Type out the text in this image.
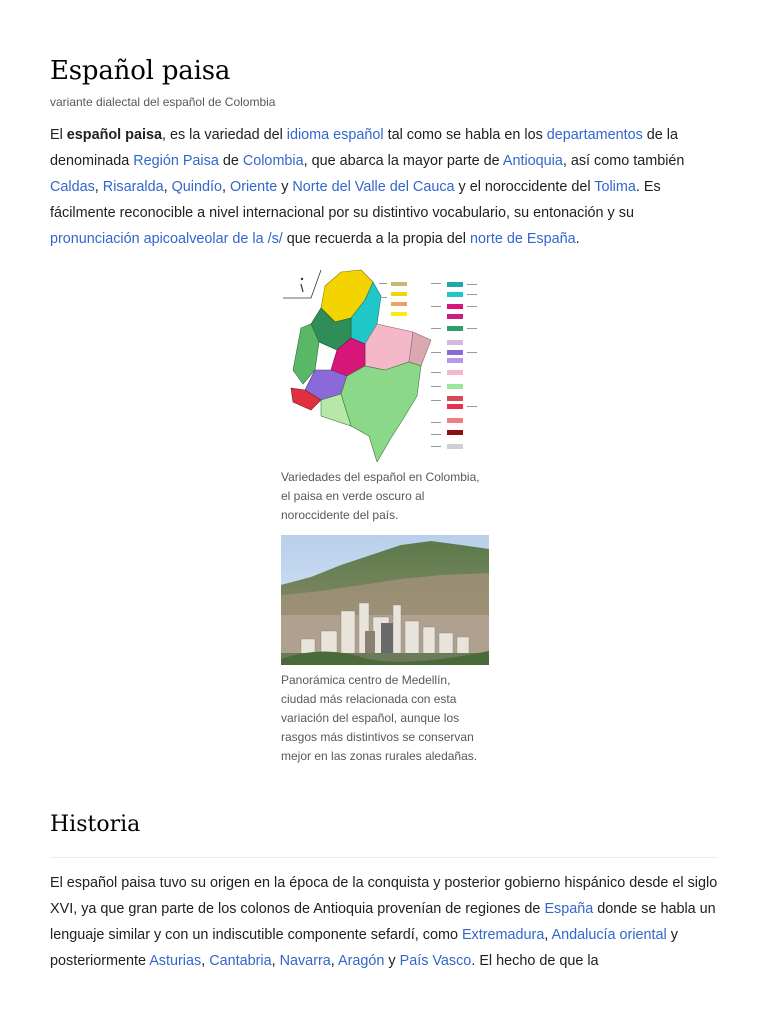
Español paisa
variante dialectal del español de Colombia

El español paisa, es la variedad del idioma español tal como se habla en los departamentos de la denominada Región Paisa de Colombia, que abarca la mayor parte de Antioquia, así como también Caldas, Risaralda, Quindío, Oriente y Norte del Valle del Cauca y el noroccidente del Tolima. Es fácilmente reconocible a nivel internacional por su distintivo vocabulario, su entonación y su pronunciación apicoalveolar de la /s/ que recuerda a la propia del norte de España.

Variedades del español en Colombia, el paisa en verde oscuro al noroccidente del país.
Panorámica centro de Medellín, ciudad más relacionada con esta variación del español, aunque los rasgos más distintivos se conservan mejor en las zonas rurales aledañas.
Historia

El español paisa tuvo su origen en la época de la conquista y posterior gobierno hispánico desde el siglo XVI, ya que gran parte de los colonos de Antioquia provenían de regiones de España donde se habla un lenguaje similar y con un indiscutible componente sefardí, como Extremadura, Andalucía oriental y posteriormente Asturias, Cantabria, Navarra, Aragón y País Vasco. El hecho de que la
